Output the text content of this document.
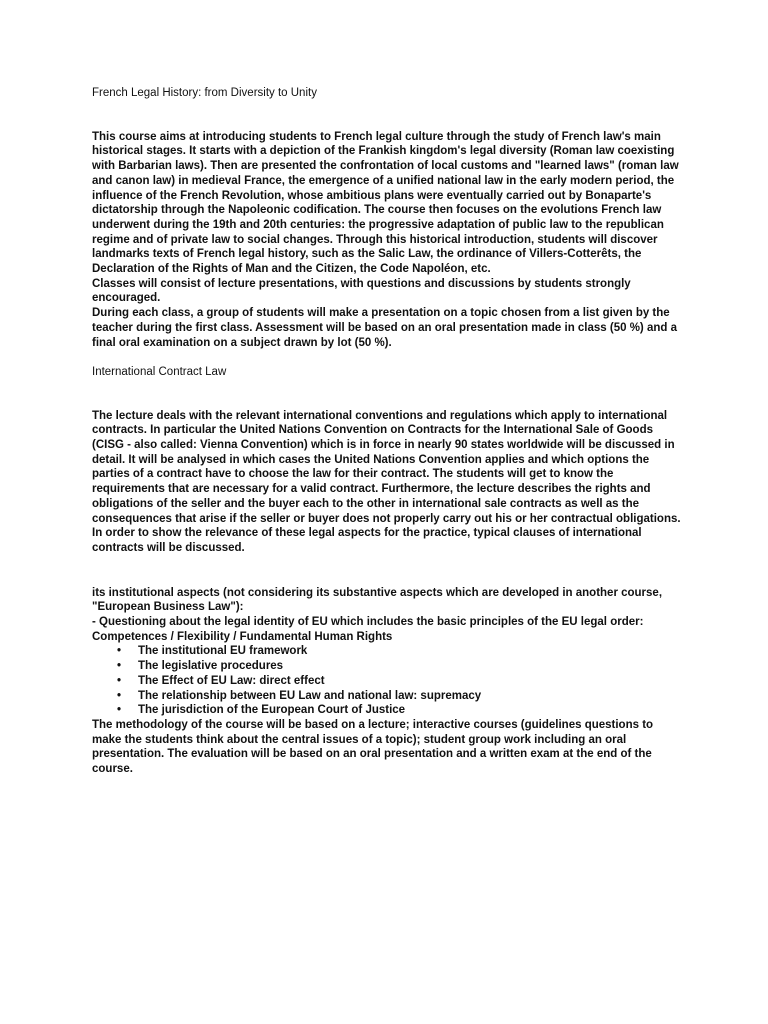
French Legal History: from Diversity to Unity

This course aims at introducing students to French legal culture through the study of French law's main historical stages. It starts with a depiction of the Frankish kingdom's legal diversity (Roman law coexisting with Barbarian laws). Then are presented the confrontation of local customs and "learned laws" (roman law and canon law) in medieval France, the emergence of a unified national law in the early modern period, the influence of the French Revolution, whose ambitious plans were eventually carried out by Bonaparte's dictatorship through the Napoleonic codification. The course then focuses on the evolutions French law underwent during the 19th and 20th centuries: the progressive adaptation of public law to the republican regime and of private law to social changes. Through this historical introduction, students will discover landmarks texts of French legal history, such as the Salic Law, the ordinance of Villers-Cotterêts, the Declaration of the Rights of Man and the Citizen, the Code Napoléon, etc.

Classes will consist of lecture presentations, with questions and discussions by students strongly encouraged.

During each class, a group of students will make a presentation on a topic chosen from a list given by the teacher during the first class. Assessment will be based on an oral presentation made in class (50 %) and a final oral examination on a subject drawn by lot (50 %).

International Contract Law

The lecture deals with the relevant international conventions and regulations which apply to international contracts. In particular the United Nations Convention on Contracts for the International Sale of Goods (CISG - also called: Vienna Convention) which is in force in nearly 90 states worldwide will be discussed in detail. It will be analysed in which cases the United Nations Convention applies and which options the parties of a contract have to choose the law for their contract. The students will get to know the requirements that are necessary for a valid contract. Furthermore, the lecture describes the rights and obligations of the seller and the buyer each to the other in international sale contracts as well as the consequences that arise if the seller or buyer does not properly carry out his or her contractual obligations. In order to show the relevance of these legal aspects for the practice, typical clauses of international contracts will be discussed.

its institutional aspects (not considering its substantive aspects which are developed in another course, "European Business Law"):

- Questioning about the legal identity of EU which includes the basic principles of the EU legal order:

Competences / Flexibility / Fundamental Human Rights

• The institutional EU framework
• The legislative procedures
• The Effect of EU Law: direct effect
• The relationship between EU Law and national law: supremacy
• The jurisdiction of the European Court of Justice

The methodology of the course will be based on a lecture; interactive courses (guidelines questions to make the students think about the central issues of a topic); student group work including an oral presentation. The evaluation will be based on an oral presentation and a written exam at the end of the course.
